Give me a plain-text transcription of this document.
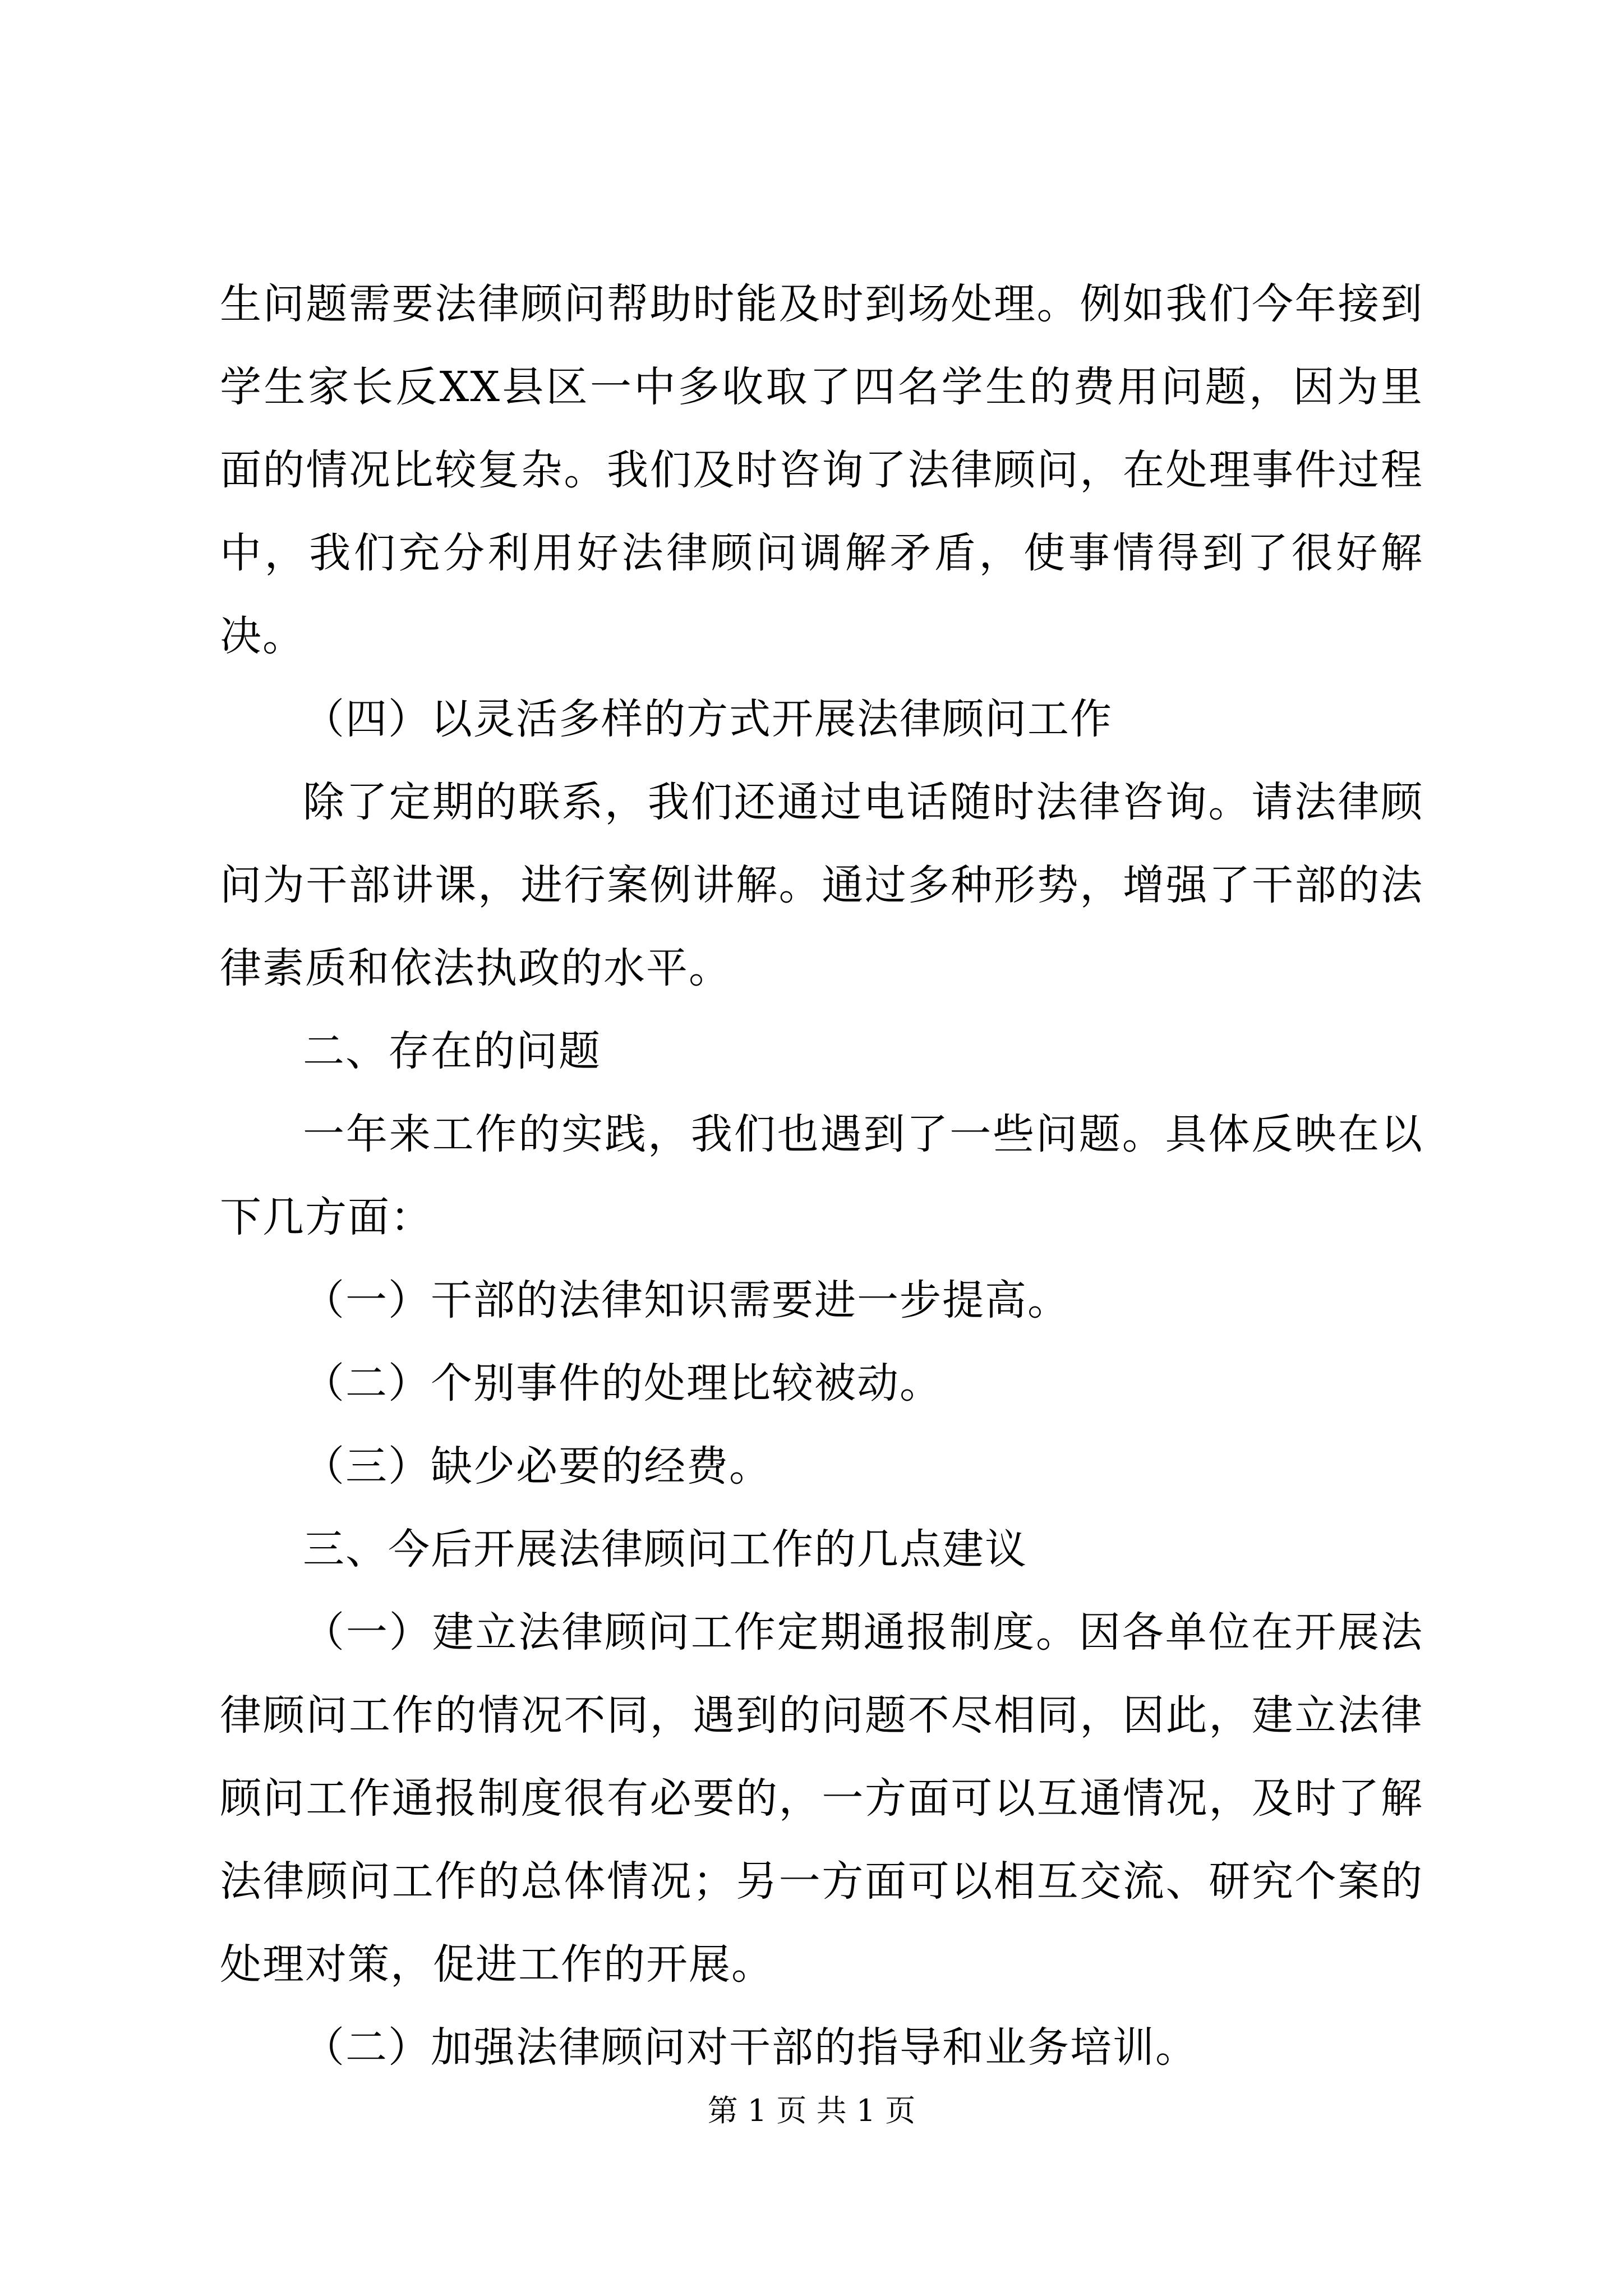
生问题需要法律顾问帮助时能及时到场处理。例如我们今年接到学生家长反XX县区一中多收取了四名学生的费用问题，因为里面的情况比较复杂。我们及时咨询了法律顾问，在处理事件过程中，我们充分利用好法律顾问调解矛盾，使事情得到了很好解决。

（四）以灵活多样的方式开展法律顾问工作

除了定期的联系，我们还通过电话随时法律咨询。请法律顾问为干部讲课，进行案例讲解。通过多种形势，增强了干部的法律素质和依法执政的水平。

二、存在的问题

一年来工作的实践，我们也遇到了一些问题。具体反映在以下几方面：

（一）干部的法律知识需要进一步提高。

（二）个别事件的处理比较被动。

（三）缺少必要的经费。

三、今后开展法律顾问工作的几点建议

（一）建立法律顾问工作定期通报制度。因各单位在开展法律顾问工作的情况不同，遇到的问题不尽相同，因此，建立法律顾问工作通报制度很有必要的，一方面可以互通情况，及时了解法律顾问工作的总体情况；另一方面可以相互交流、研究个案的处理对策，促进工作的开展。

（二）加强法律顾问对干部的指导和业务培训。

第 1 页 共 1 页
